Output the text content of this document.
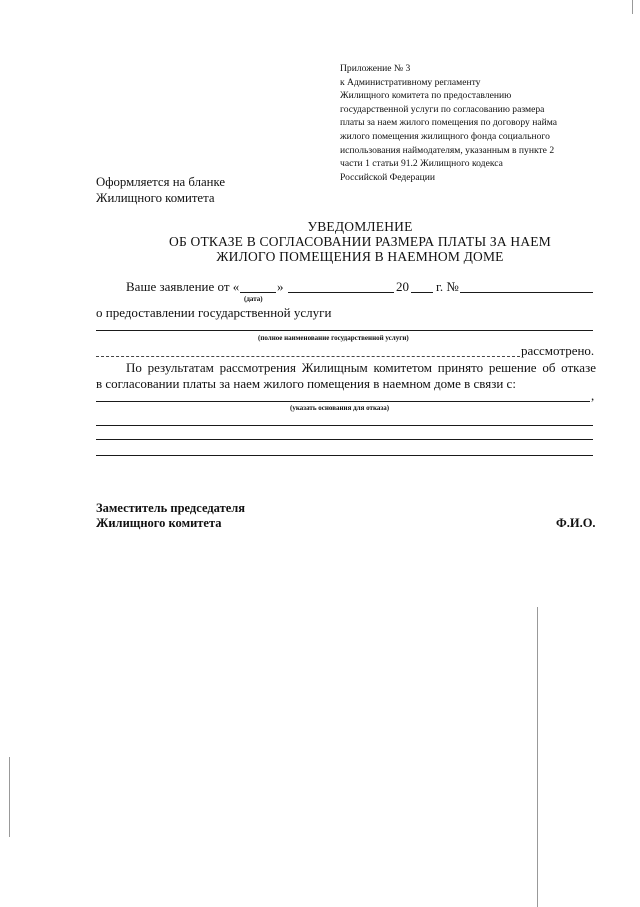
Приложение № 3
к Административному регламенту
Жилищного комитета по предоставлению
государственной услуги по согласованию размера
платы за наем жилого помещения по договору найма
жилого помещения жилищного фонда социального
использования наймодателям, указанным в пункте 2
части 1 статьи 91.2 Жилищного кодекса
Российской Федерации
Оформляется на бланке
Жилищного комитета
УВЕДОМЛЕНИЕ
ОБ ОТКАЗЕ В СОГЛАСОВАНИИ РАЗМЕРА ПЛАТЫ ЗА НАЕМ
ЖИЛОГО ПОМЕЩЕНИЯ В НАЕМНОМ ДОМЕ
Ваше заявление от «	»	20 г. №
(дата)
о предоставлении государственной услуги
(полное наименование государственной услуги)
рассмотрено.
По результатам рассмотрения Жилищным комитетом принято решение об отказе
в согласовании платы за наем жилого помещения в наемном доме в связи с:
,
(указать основания для отказа)
Заместитель председателя
Жилищного комитета	Ф.И.О.
